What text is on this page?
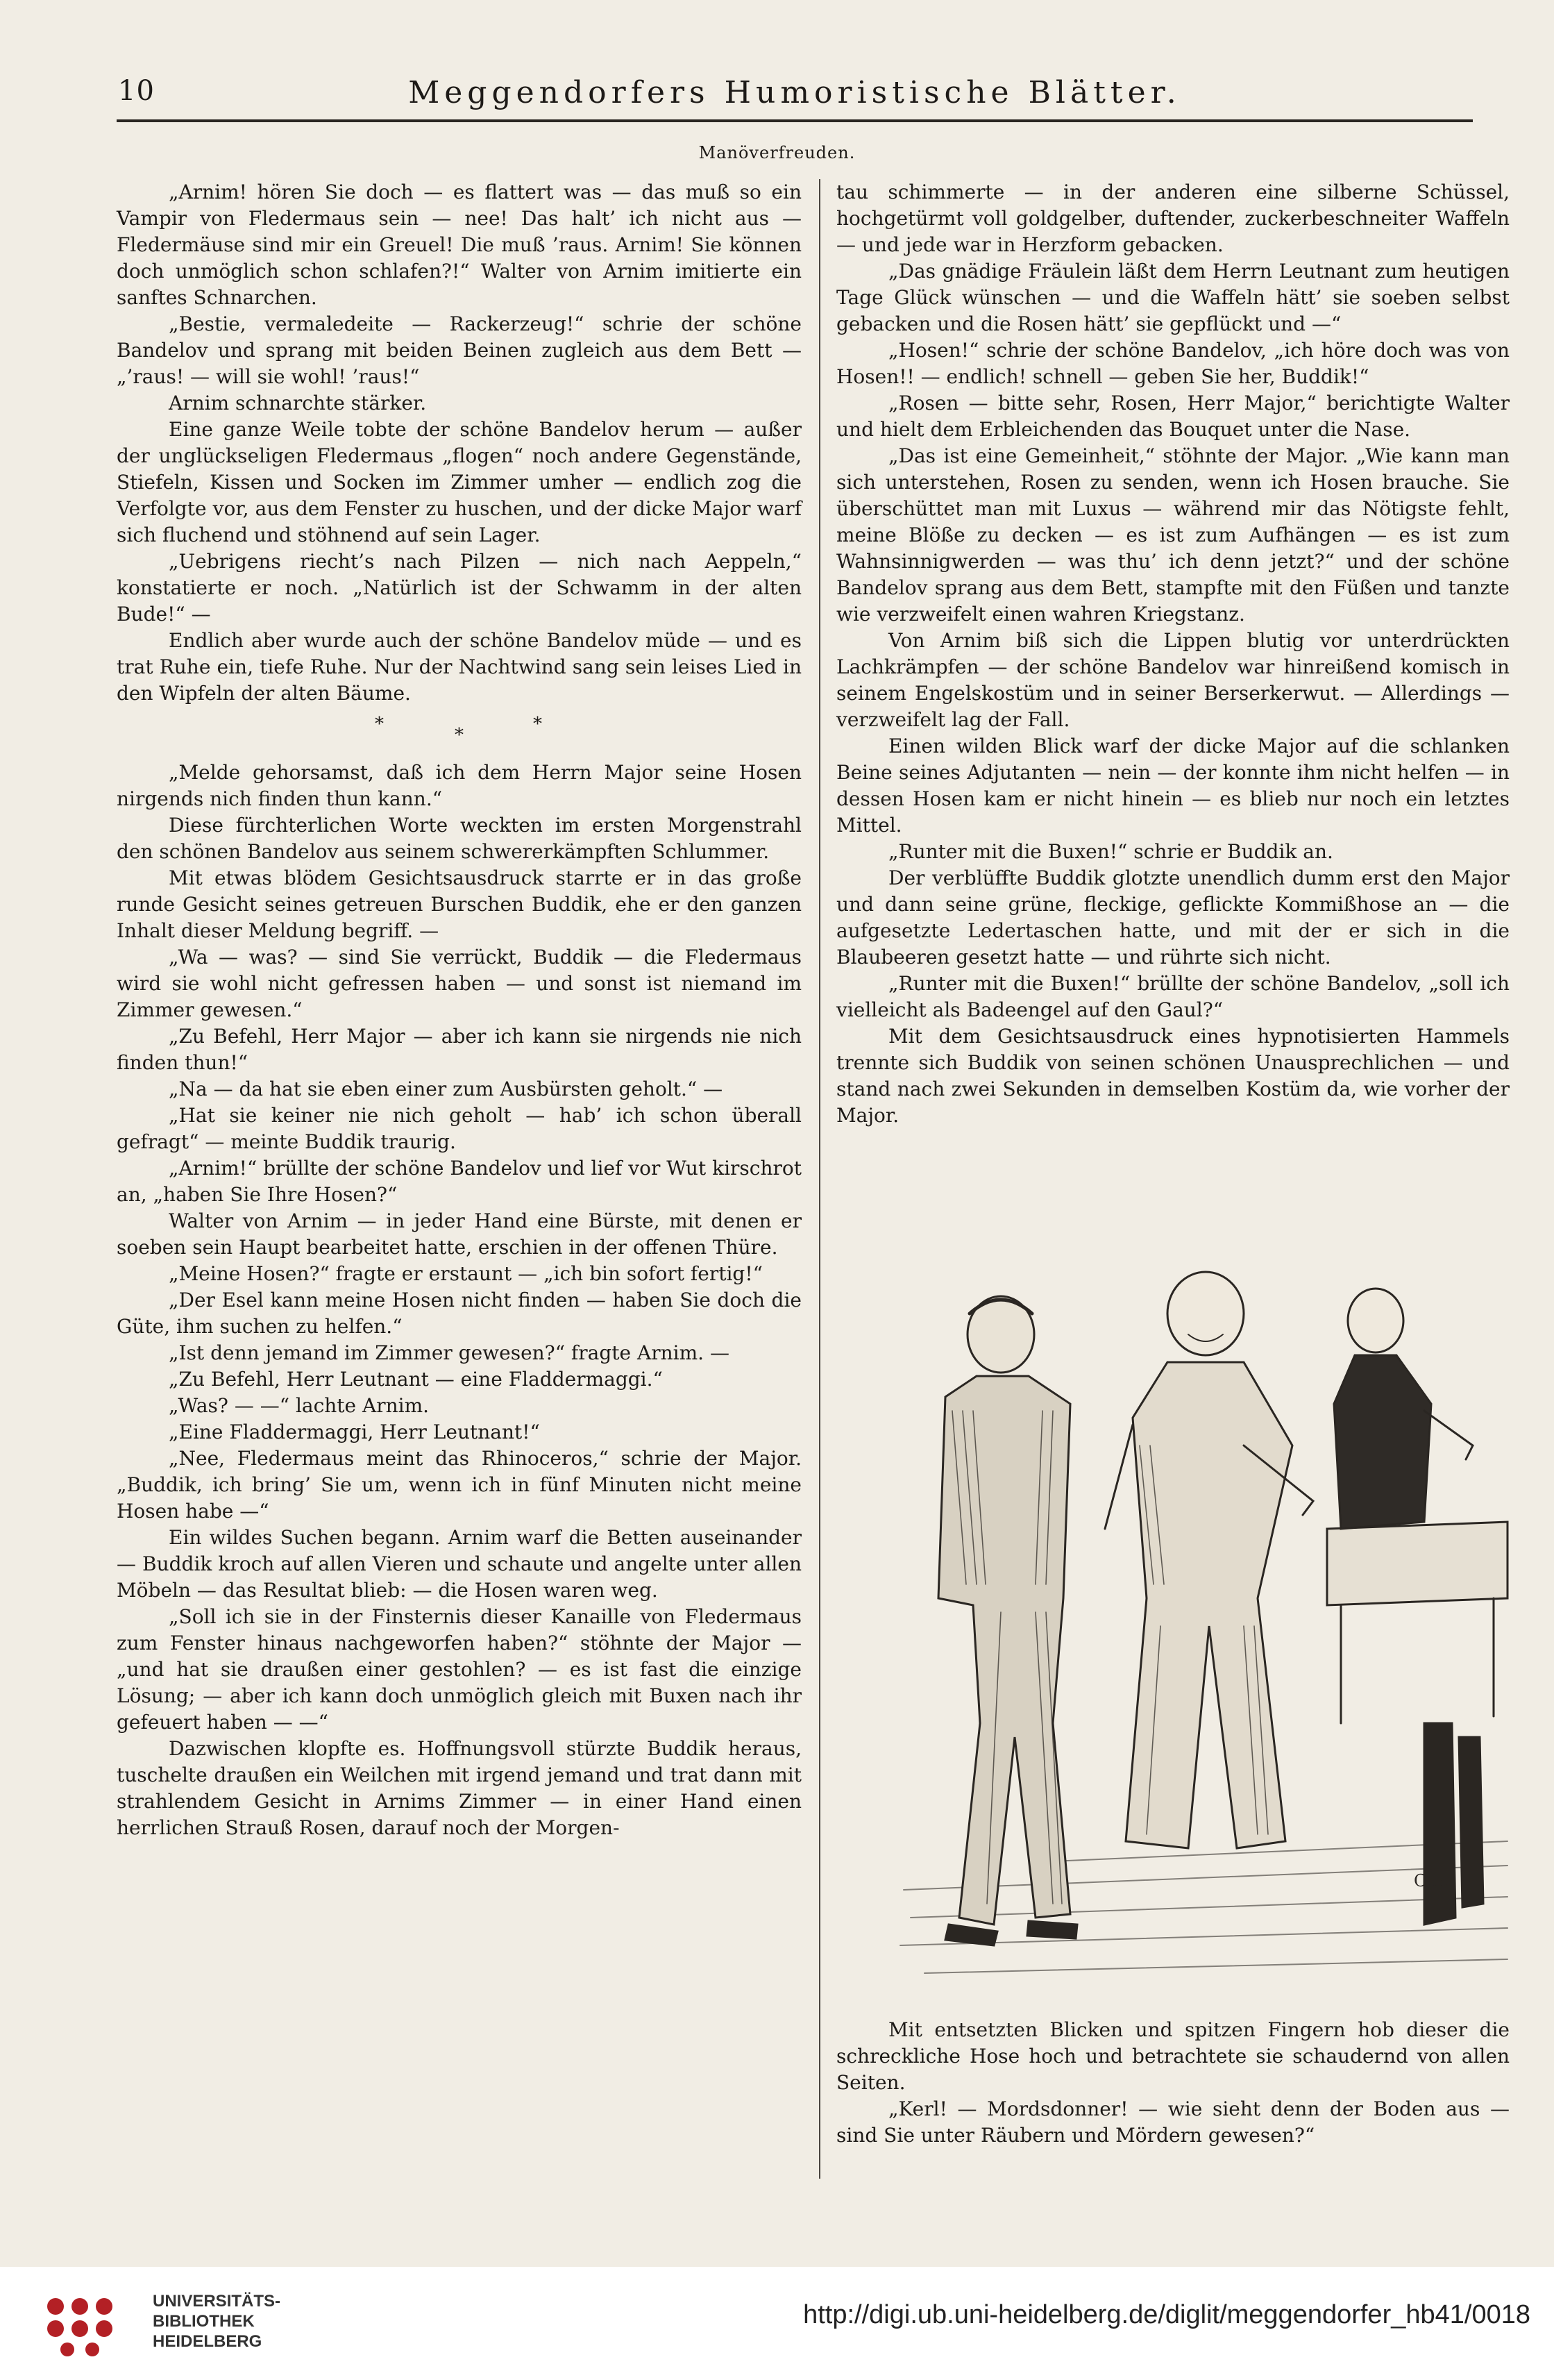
10	Meggendorfers Humoristische Blätter.
Manöverfreuden.

„Arnim! hören Sie doch — es flattert was — das muß so ein Vampir von Fledermaus sein — nee! Das halt’ ich nicht aus — Fledermäuse sind mir ein Greuel! Die muß ’raus. Arnim! Sie können doch unmöglich schon schlafen?!“ Walter von Arnim imitierte ein sanftes Schnarchen.

„Bestie, vermaledeite — Rackerzeug!“ schrie der schöne Bandelov und sprang mit beiden Beinen zugleich aus dem Bett — „’raus! — will sie wohl! ’raus!“

Arnim schnarchte stärker.

Eine ganze Weile tobte der schöne Bandelov herum — außer der unglückseligen Fledermaus „flogen“ noch andere Gegenstände, Stiefeln, Kissen und Socken im Zimmer umher — endlich zog die Verfolgte vor, aus dem Fenster zu huschen, und der dicke Major warf sich fluchend und stöhnend auf sein Lager.

„Uebrigens riecht’s nach Pilzen — nich nach Aeppeln,“ konstatierte er noch. „Natürlich ist der Schwamm in der alten Bude!“ —

Endlich aber wurde auch der schöne Bandelov müde — und es trat Ruhe ein, tiefe Ruhe. Nur der Nachtwind sang sein leises Lied in den Wipfeln der alten Bäume.

*
*
*

„Melde gehorsamst, daß ich dem Herrn Major seine Hosen nirgends nich finden thun kann.“

Diese fürchterlichen Worte weckten im ersten Morgenstrahl den schönen Bandelov aus seinem schwererkämpften Schlummer.

Mit etwas blödem Gesichtsausdruck starrte er in das große runde Gesicht seines getreuen Burschen Buddik, ehe er den ganzen Inhalt dieser Meldung begriff. —

„Wa — was? — sind Sie verrückt, Buddik — die Fledermaus wird sie wohl nicht gefressen haben — und sonst ist niemand im Zimmer gewesen.“

„Zu Befehl, Herr Major — aber ich kann sie nirgends nie nich finden thun!“

„Na — da hat sie eben einer zum Ausbürsten geholt.“ —

„Hat sie keiner nie nich geholt — hab’ ich schon überall gefragt“ — meinte Buddik traurig.

„Arnim!“ brüllte der schöne Bandelov und lief vor Wut kirschrot an, „haben Sie Ihre Hosen?“

Walter von Arnim — in jeder Hand eine Bürste, mit denen er soeben sein Haupt bearbeitet hatte, erschien in der offenen Thüre.

„Meine Hosen?“ fragte er erstaunt — „ich bin sofort fertig!“

„Der Esel kann meine Hosen nicht finden — haben Sie doch die Güte, ihm suchen zu helfen.“

„Ist denn jemand im Zimmer gewesen?“ fragte Arnim. —

„Zu Befehl, Herr Leutnant — eine Fladdermaggi.“

„Was? — —“ lachte Arnim.

„Eine Fladdermaggi, Herr Leutnant!“

„Nee, Fledermaus meint das Rhinoceros,“ schrie der Major. „Buddik, ich bring’ Sie um, wenn ich in fünf Minuten nicht meine Hosen habe —“

Ein wildes Suchen begann. Arnim warf die Betten auseinander — Buddik kroch auf allen Vieren und schaute und angelte unter allen Möbeln — das Resultat blieb: — die Hosen waren weg.

„Soll ich sie in der Finsternis dieser Kanaille von Fledermaus zum Fenster hinaus nachgeworfen haben?“ stöhnte der Major — „und hat sie draußen einer gestohlen? — es ist fast die einzige Lösung; — aber ich kann doch unmöglich gleich mit Buxen nach ihr gefeuert haben — —“

Dazwischen klopfte es. Hoffnungsvoll stürzte Buddik heraus, tuschelte draußen ein Weilchen mit irgend jemand und trat dann mit strahlendem Gesicht in Arnims Zimmer — in einer Hand einen herrlichen Strauß Rosen, darauf noch der Morgen-

tau schimmerte — in der anderen eine silberne Schüssel, hochgetürmt voll goldgelber, duftender, zuckerbeschneiter Waffeln — und jede war in Herzform gebacken.

„Das gnädige Fräulein läßt dem Herrn Leutnant zum heutigen Tage Glück wünschen — und die Waffeln hätt’ sie soeben selbst gebacken und die Rosen hätt’ sie gepflückt und —“

„Hosen!“ schrie der schöne Bandelov, „ich höre doch was von Hosen!! — endlich! schnell — geben Sie her, Buddik!“

„Rosen — bitte sehr, Rosen, Herr Major,“ berichtigte Walter und hielt dem Erbleichenden das Bouquet unter die Nase.

„Das ist eine Gemeinheit,“ stöhnte der Major. „Wie kann man sich unterstehen, Rosen zu senden, wenn ich Hosen brauche. Sie überschüttet man mit Luxus — während mir das Nötigste fehlt, meine Blöße zu decken — es ist zum Aufhängen — es ist zum Wahnsinnigwerden — was thu’ ich denn jetzt?“ und der schöne Bandelov sprang aus dem Bett, stampfte mit den Füßen und tanzte wie verzweifelt einen wahren Kriegstanz.

Von Arnim biß sich die Lippen blutig vor unterdrückten Lachkrämpfen — der schöne Bandelov war hinreißend komisch in seinem Engelskostüm und in seiner Berserkerwut. — Allerdings — verzweifelt lag der Fall.

Einen wilden Blick warf der dicke Major auf die schlanken Beine seines Adjutanten — nein — der konnte ihm nicht helfen — in dessen Hosen kam er nicht hinein — es blieb nur noch ein letztes Mittel.

„Runter mit die Buxen!“ schrie er Buddik an.

Der verblüffte Buddik glotzte unendlich dumm erst den Major und dann seine grüne, fleckige, geflickte Kommißhose an — die aufgesetzte Ledertaschen hatte, und mit der er sich in die Blaubeeren gesetzt hatte — und rührte sich nicht.

„Runter mit die Buxen!“ brüllte der schöne Bandelov, „soll ich vielleicht als Badeengel auf den Gaul?“

Mit dem Gesichtsausdruck eines hypnotisierten Hammels trennte sich Buddik von seinen schönen Unausprechlichen — und stand nach zwei Sekunden in demselben Kostüm da, wie vorher der Major.

C.B.

Mit entsetzten Blicken und spitzen Fingern hob dieser die schreckliche Hose hoch und betrachtete sie schaudernd von allen Seiten.

„Kerl! — Mordsdonner! — wie sieht denn der Boden aus — sind Sie unter Räubern und Mördern gewesen?“

UNIVERSITÄTS-
BIBLIOTHEK
HEIDELBERG
http://digi.ub.uni-heidelberg.de/diglit/meggendorfer_hb41/0018
